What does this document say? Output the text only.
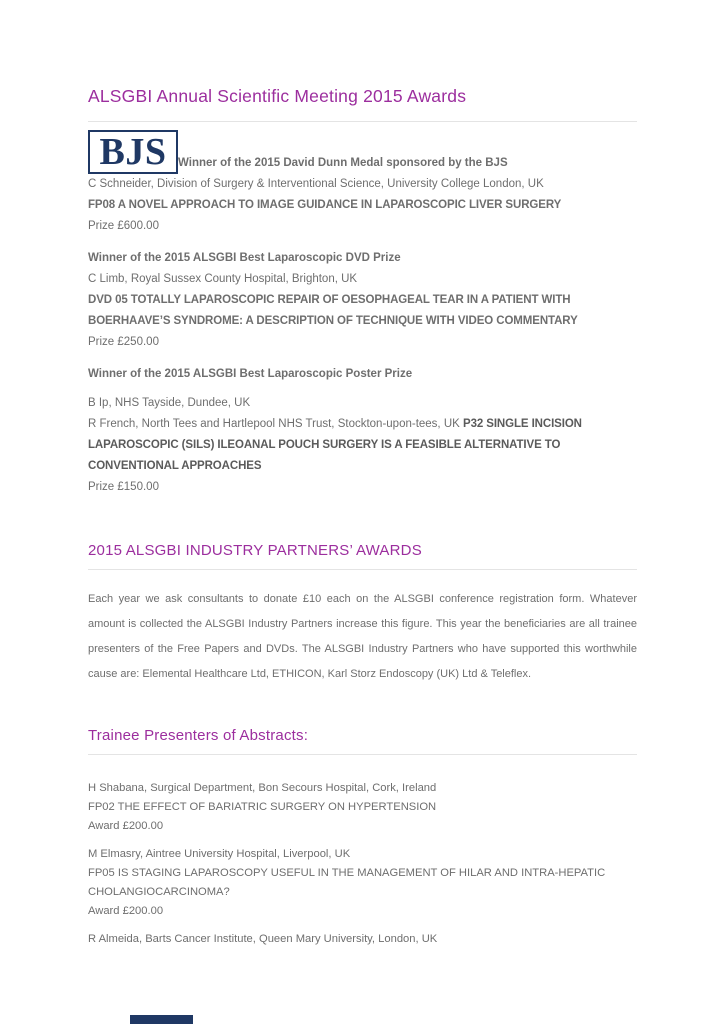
ALSGBI Annual Scientific Meeting 2015 Awards
BJS Winner of the 2015 David Dunn Medal sponsored by the BJS

C Schneider, Division of Surgery & Interventional Science, University College London, UK

FP08 A NOVEL APPROACH TO IMAGE GUIDANCE IN LAPAROSCOPIC LIVER SURGERY

Prize £600.00

Winner of the 2015 ALSGBI Best Laparoscopic DVD Prize

C Limb, Royal Sussex County Hospital, Brighton, UK

DVD 05 TOTALLY LAPAROSCOPIC REPAIR OF OESOPHAGEAL TEAR IN A PATIENT WITH BOERHAAVE’S SYNDROME: A DESCRIPTION OF TECHNIQUE WITH VIDEO COMMENTARY

Prize £250.00

Winner of the 2015 ALSGBI Best Laparoscopic Poster Prize

B Ip, NHS Tayside, Dundee, UK

R French, North Tees and Hartlepool NHS Trust, Stockton-upon-tees, UK P32 SINGLE INCISION LAPAROSCOPIC (SILS) ILEOANAL POUCH SURGERY IS A FEASIBLE ALTERNATIVE TO CONVENTIONAL APPROACHES

Prize £150.00

2015 ALSGBI INDUSTRY PARTNERS’ AWARDS

Each year we ask consultants to donate £10 each on the ALSGBI conference registration form. Whatever amount is collected the ALSGBI Industry Partners increase this figure. This year the beneficiaries are all trainee presenters of the Free Papers and DVDs. The ALSGBI Industry Partners who have supported this worthwhile cause are: Elemental Healthcare Ltd, ETHICON, Karl Storz Endoscopy (UK) Ltd & Teleflex.

Trainee Presenters of Abstracts:

H Shabana, Surgical Department, Bon Secours Hospital, Cork, Ireland

FP02 THE EFFECT OF BARIATRIC SURGERY ON HYPERTENSION

Award £200.00

M Elmasry, Aintree University Hospital, Liverpool, UK

FP05 IS STAGING LAPAROSCOPY USEFUL IN THE MANAGEMENT OF HILAR AND INTRA-HEPATIC CHOLANGIOCARCINOMA?

Award £200.00

R Almeida, Barts Cancer Institute, Queen Mary University, London, UK
